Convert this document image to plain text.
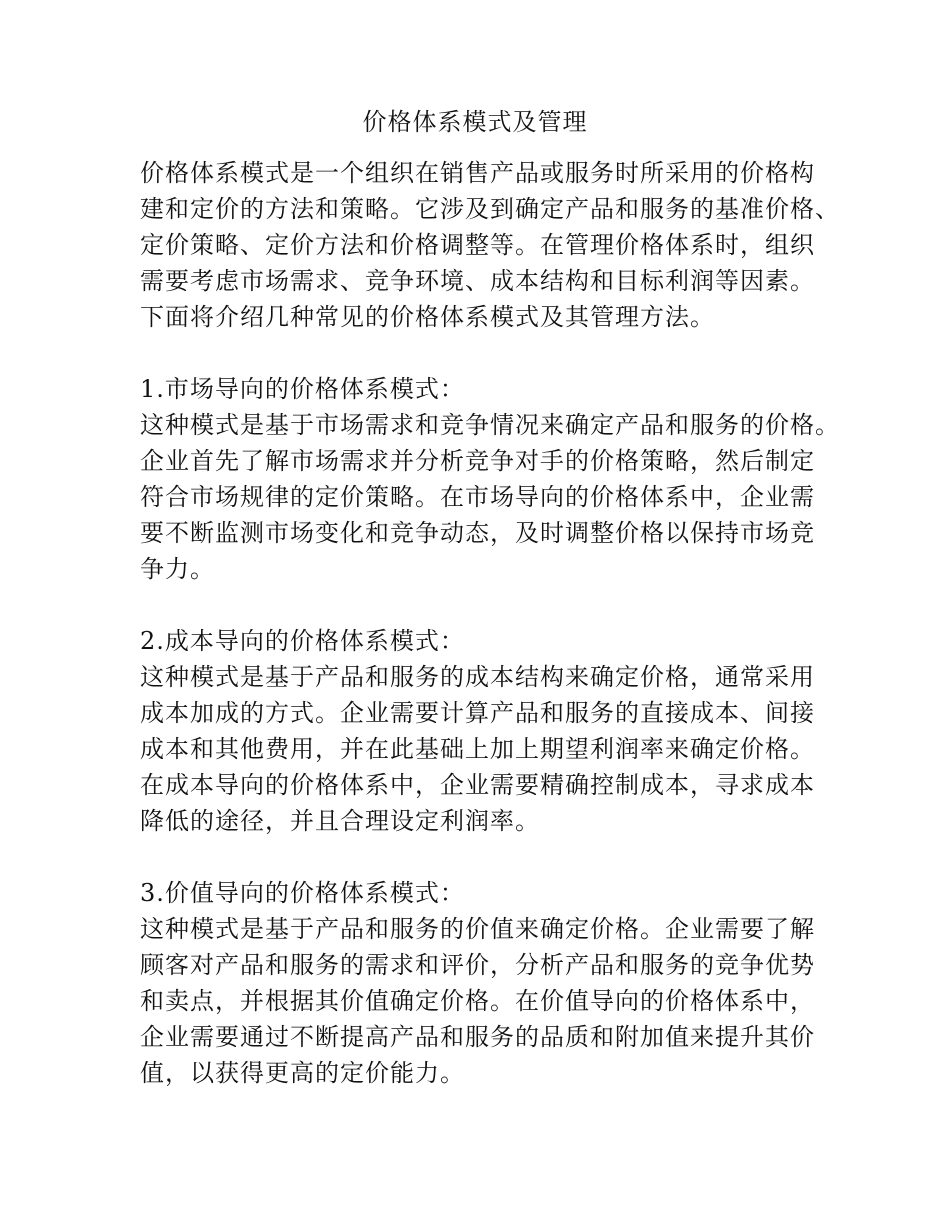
价格体系模式及管理
价格体系模式是一个组织在销售产品或服务时所采用的价格构
建和定价的方法和策略。它涉及到确定产品和服务的基准价格、
定价策略、定价方法和价格调整等。在管理价格体系时，组织
需要考虑市场需求、竞争环境、成本结构和目标利润等因素。
下面将介绍几种常见的价格体系模式及其管理方法。
1.市场导向的价格体系模式：
这种模式是基于市场需求和竞争情况来确定产品和服务的价格。
企业首先了解市场需求并分析竞争对手的价格策略，然后制定
符合市场规律的定价策略。在市场导向的价格体系中，企业需
要不断监测市场变化和竞争动态，及时调整价格以保持市场竞
争力。
2.成本导向的价格体系模式：
这种模式是基于产品和服务的成本结构来确定价格，通常采用
成本加成的方式。企业需要计算产品和服务的直接成本、间接
成本和其他费用，并在此基础上加上期望利润率来确定价格。
在成本导向的价格体系中，企业需要精确控制成本，寻求成本
降低的途径，并且合理设定利润率。
3.价值导向的价格体系模式：
这种模式是基于产品和服务的价值来确定价格。企业需要了解
顾客对产品和服务的需求和评价，分析产品和服务的竞争优势
和卖点，并根据其价值确定价格。在价值导向的价格体系中，
企业需要通过不断提高产品和服务的品质和附加值来提升其价
值，以获得更高的定价能力。
